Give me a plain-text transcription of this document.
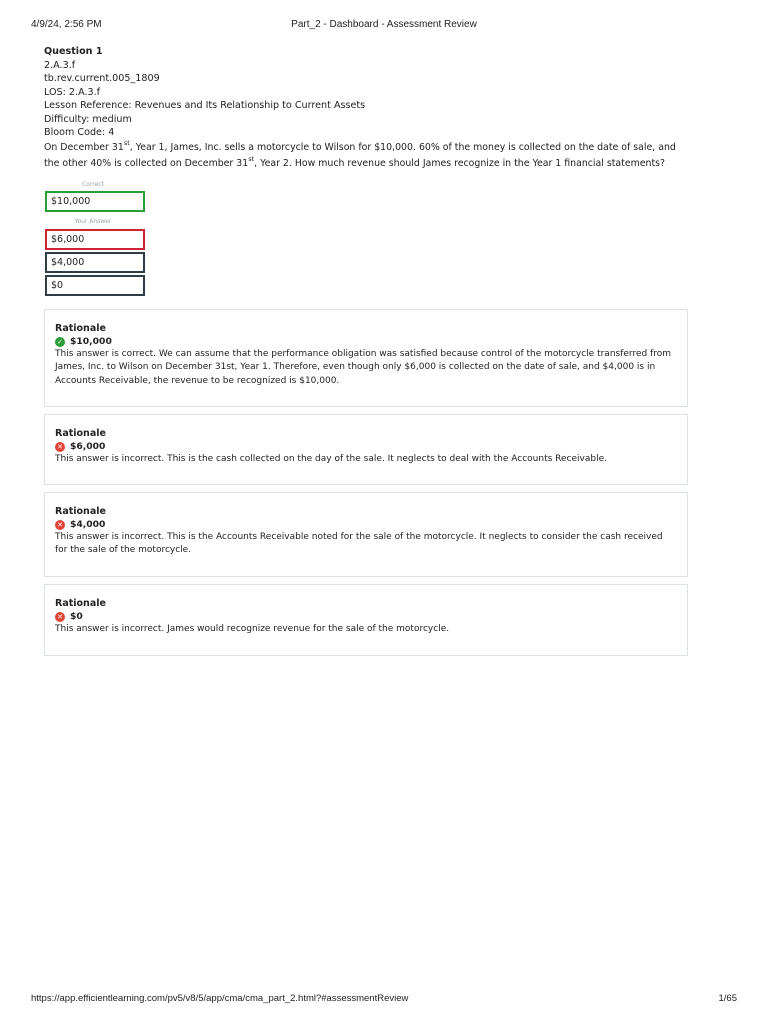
4/9/24, 2:56 PM	Part_2 - Dashboard - Assessment Review
Question 1
2.A.3.f
tb.rev.current.005_1809
LOS: 2.A.3.f
Lesson Reference: Revenues and Its Relationship to Current Assets
Difficulty: medium
Bloom Code: 4
On December 31st, Year 1, James, Inc. sells a motorcycle to Wilson for $10,000. 60% of the money is collected on the date of sale, and the other 40% is collected on December 31st, Year 2. How much revenue should James recognize in the Year 1 financial statements?
Correct
$10,000
Your Answer
$6,000
$4,000
$0
Rationale
✓ $10,000
This answer is correct. We can assume that the performance obligation was satisfied because control of the motorcycle transferred from James, Inc. to Wilson on December 31st, Year 1. Therefore, even though only $6,000 is collected on the date of sale, and $4,000 is in Accounts Receivable, the revenue to be recognized is $10,000.
Rationale
✕ $6,000
This answer is incorrect. This is the cash collected on the day of the sale. It neglects to deal with the Accounts Receivable.
Rationale
✕ $4,000
This answer is incorrect. This is the Accounts Receivable noted for the sale of the motorcycle. It neglects to consider the cash received for the sale of the motorcycle.
Rationale
✕ $0
This answer is incorrect. James would recognize revenue for the sale of the motorcycle.
https://app.efficientlearning.com/pv5/v8/5/app/cma/cma_part_2.html?#assessmentReview	1/65
